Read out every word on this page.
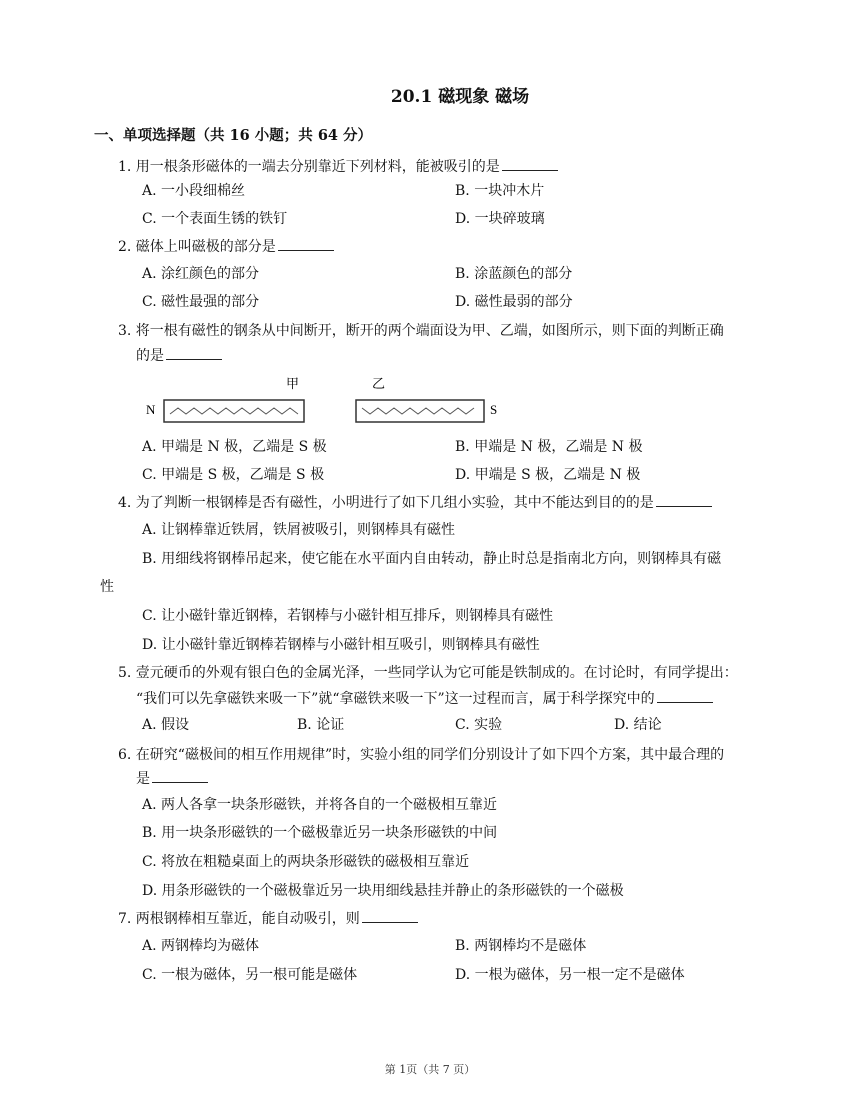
20.1 磁现象 磁场
一、单项选择题（共 16 小题；共 64 分）
1. 用一根条形磁体的一端去分别靠近下列材料，能被吸引的是
A. 一小段细棉丝	B. 一块冲木片
C. 一个表面生锈的铁钉	D. 一块碎玻璃
2. 磁体上叫磁极的部分是
A. 涂红颜色的部分	B. 涂蓝颜色的部分
C. 磁性最强的部分	D. 磁性最弱的部分
3. 将一根有磁性的钢条从中间断开，断开的两个端面设为甲、乙端，如图所示，则下面的判断正确
的是
N
甲	乙
S
A. 甲端是 N 极，乙端是 S 极	B. 甲端是 N 极，乙端是 N 极
C. 甲端是 S 极，乙端是 S 极	D. 甲端是 S 极，乙端是 N 极
4. 为了判断一根钢棒是否有磁性，小明进行了如下几组小实验，其中不能达到目的的是
A. 让钢棒靠近铁屑，铁屑被吸引，则钢棒具有磁性
B. 用细线将钢棒吊起来，使它能在水平面内自由转动，静止时总是指南北方向，则钢棒具有磁
性
C. 让小磁针靠近钢棒，若钢棒与小磁针相互排斥，则钢棒具有磁性
D. 让小磁针靠近钢棒若钢棒与小磁针相互吸引，则钢棒具有磁性
5. 壹元硬币的外观有银白色的金属光泽，一些同学认为它可能是铁制成的。在讨论时，有同学提出：
“我们可以先拿磁铁来吸一下”就“拿磁铁来吸一下”这一过程而言，属于科学探究中的
A. 假设	B. 论证	C. 实验	D. 结论
6. 在研究“磁极间的相互作用规律”时，实验小组的同学们分别设计了如下四个方案，其中最合理的
是
A. 两人各拿一块条形磁铁，并将各自的一个磁极相互靠近
B. 用一块条形磁铁的一个磁极靠近另一块条形磁铁的中间
C. 将放在粗糙桌面上的两块条形磁铁的磁极相互靠近
D. 用条形磁铁的一个磁极靠近另一块用细线悬挂并静止的条形磁铁的一个磁极
7. 两根钢棒相互靠近，能自动吸引，则
A. 两钢棒均为磁体	B. 两钢棒均不是磁体
C. 一根为磁体，另一根可能是磁体	D. 一根为磁体，另一根一定不是磁体
第 1页（共 7 页）
